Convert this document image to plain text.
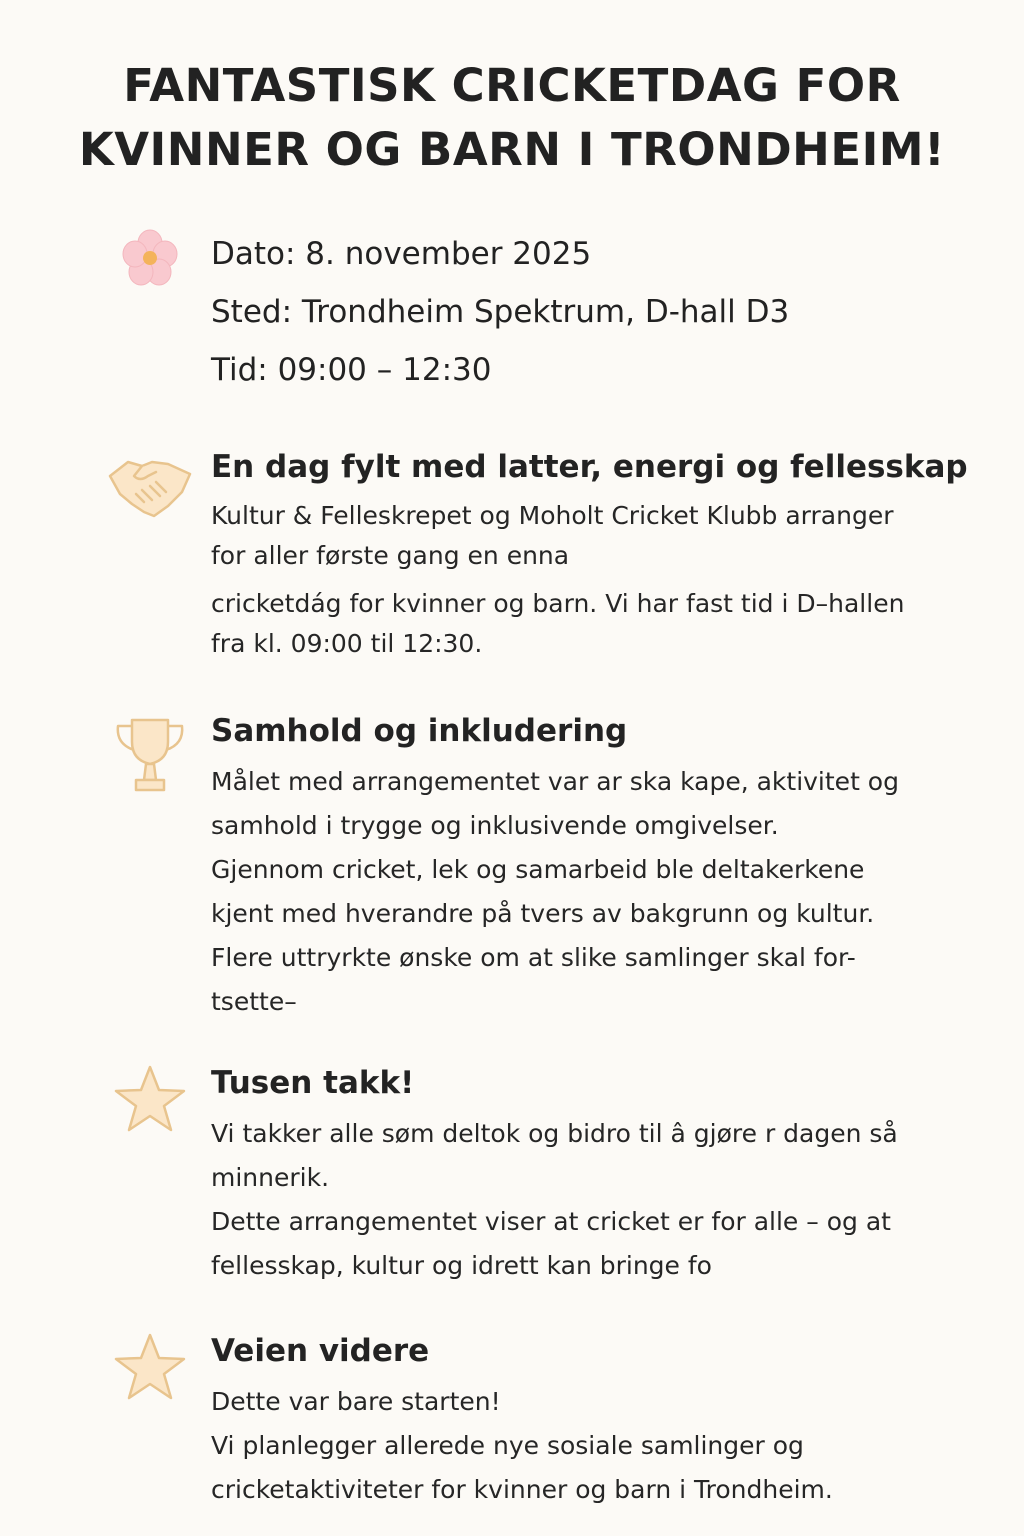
FANTASTISK CRICKETDAG FOR
KVINNER OG BARN I TRONDHEIM!

Dato: 8. november 2025

Sted: Trondheim Spektrum, D-hall D3

Tid: 09:00 – 12:30

En dag fylt med latter, energi og fellesskap

Kultur & Felleskrepet og Moholt Cricket Klubb arranger
for aller første gang en enna

cricketdág for kvinner og barn. Vi har fast tid i D–hallen
fra kl. 09:00 til 12:30.

Samhold og inkludering

Målet med arrangementet var ar ska kape, aktivitet og
samhold i trygge og inklusivende omgivelser.
Gjennom cricket, lek og samarbeid ble deltakerkene
kjent med hverandre på tvers av bakgrunn og kultur.
Flere uttryrkte ønske om at slike samlinger skal for-
tsette–

Tusen takk!

Vi takker alle søm deltok og bidro til â gjøre r dagen så
minnerik.
Dette arrangementet viser at cricket er for alle – og at
fellesskap, kultur og idrett kan bringe fo

Veien videre

Dette var bare starten!
Vi planlegger allerede nye sosiale samlinger og
cricketaktiviteter for kvinner og barn i Trondheim.
